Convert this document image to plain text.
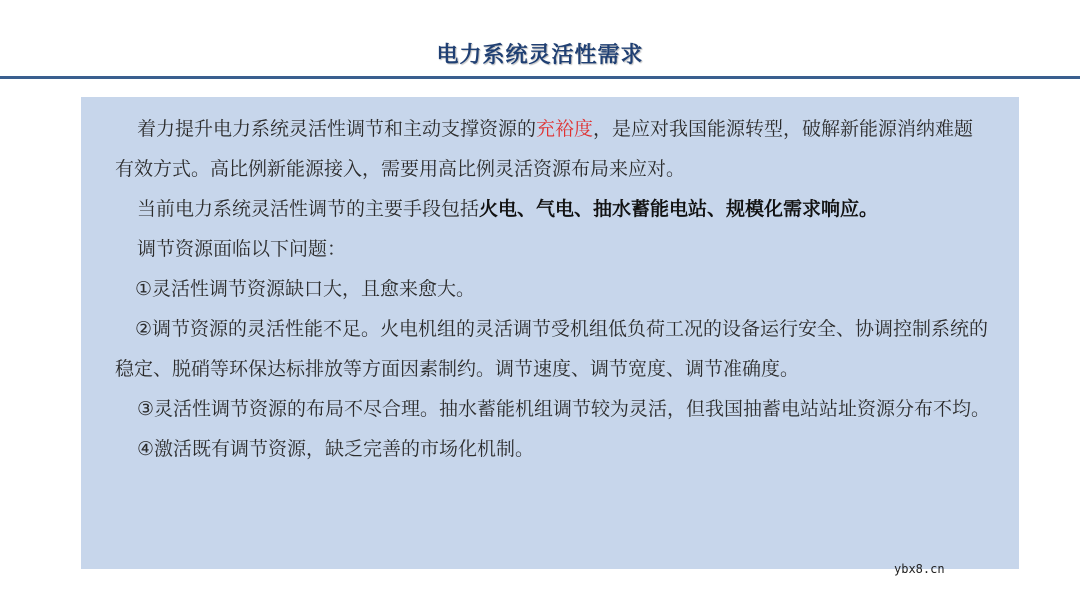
电力系统灵活性需求

着力提升电力系统灵活性调节和主动支撑资源的充裕度，是应对我国能源转型，破解新能源消纳难题有效方式。高比例新能源接入，需要用高比例灵活资源布局来应对。

当前电力系统灵活性调节的主要手段包括火电、气电、抽水蓄能电站、规模化需求响应。

调节资源面临以下问题：

①灵活性调节资源缺口大，且愈来愈大。

②调节资源的灵活性能不足。火电机组的灵活调节受机组低负荷工况的设备运行安全、协调控制系统的稳定、脱硝等环保达标排放等方面因素制约。调节速度、调节宽度、调节准确度。

③灵活性调节资源的布局不尽合理。抽水蓄能机组调节较为灵活，但我国抽蓄电站站址资源分布不均。

④激活既有调节资源，缺乏完善的市场化机制。

ybx8.cn
